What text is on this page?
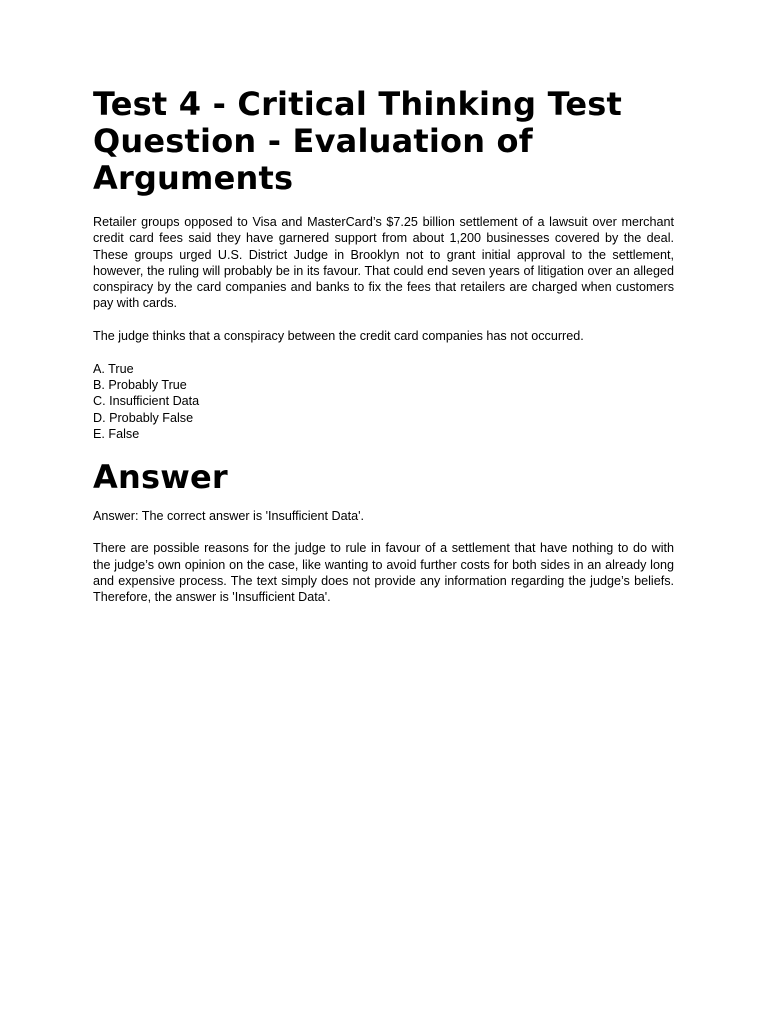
Test 4 - Critical Thinking Test Question - Evaluation of Arguments

Retailer groups opposed to Visa and MasterCard’s $7.25 billion settlement of a lawsuit over merchant credit card fees said they have garnered support from about 1,200 businesses covered by the deal. These groups urged U.S. District Judge in Brooklyn not to grant initial approval to the settlement, however, the ruling will probably be in its favour. That could end seven years of litigation over an alleged conspiracy by the card companies and banks to fix the fees that retailers are charged when customers pay with cards.

The judge thinks that a conspiracy between the credit card companies has not occurred.

A. True
B. Probably True
C. Insufficient Data
D. Probably False
E. False
Answer

Answer: The correct answer is 'Insufficient Data'.

There are possible reasons for the judge to rule in favour of a settlement that have nothing to do with the judge’s own opinion on the case, like wanting to avoid further costs for both sides in an already long and expensive process. The text simply does not provide any information regarding the judge’s beliefs. Therefore, the answer is 'Insufficient Data'.
